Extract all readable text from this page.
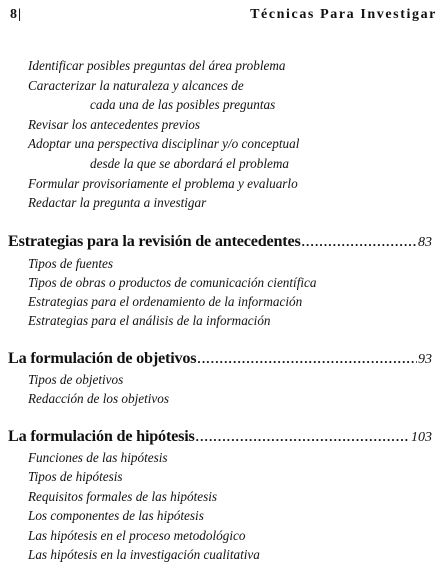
8|	Técnicas Para Investigar
Identificar posibles preguntas del área problema
Caracterizar la naturaleza y alcances de
cada una de las posibles preguntas
Revisar los antecedentes previos
Adoptar una perspectiva disciplinar y/o conceptual
desde la que se abordará el problema
Formular provisoriamente el problema y evaluarlo
Redactar la pregunta a investigar
Estrategias para la revisión de antecedentes .....	83
Tipos de fuentes
Tipos de obras o productos de comunicación científica
Estrategias para el ordenamiento de la información
Estrategias para el análisis de la información
La formulación de objetivos .....	93
Tipos de objetivos
Redacción de los objetivos
La formulación de hipótesis .....	103
Funciones de las hipótesis
Tipos de hipótesis
Requisitos formales de las hipótesis
Los componentes de las hipótesis
Las hipótesis en el proceso metodológico
Las hipótesis en la investigación cualitativa
